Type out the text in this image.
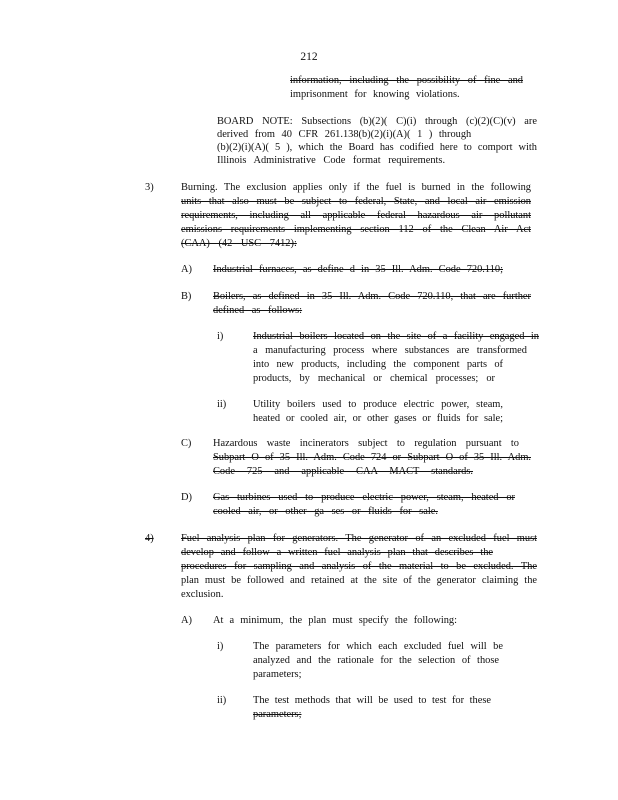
212
information, including the possibility of fine and
imprisonment for knowing violations.
BOARD NOTE: Subsections (b)(2)( C)(i) through (c)(2)(C)(v) are
derived from 40 CFR 261.138(b)(2)(i)(A)( 1 ) through
(b)(2)(i)(A)( 5 ), which the Board has codified here to comport with
Illinois Administrative Code format requirements.
3)	Burning. The exclusion applies only if the fuel is burned in the following
units that also must be subject to federal, State, and local air emission
requirements, including all applicable federal hazardous air pollutant
emissions requirements implementing section 112 of the Clean Air Act
(CAA) (42 USC 7412):
A) Industrial furnaces, as define d in 35 Ill. Adm. Code 720.110;
B) Boilers, as defined in 35 Ill. Adm. Code 720.110, that are further
defined as follows:
i)	Industrial boilers located on the site of a facility engaged in
a manufacturing process where substances are transformed
into new products, including the component parts of
products, by mechanical or chemical processes; or
ii)	Utility boilers used to produce electric power, steam,
heated or cooled air, or other gases or fluids for sale;
C) Hazardous waste incinerators subject to regulation pursuant to
Subpart O of 35 Ill. Adm. Code 724 or Subpart O of 35 Ill. Adm.
Code 725 and applicable CAA MACT standards.
D) Gas turbines used to produce electric power, steam, heated or
cooled air, or other ga ses or fluids for sale.
4)	Fuel analysis plan for generators. The generator of an excluded fuel must
develop and follow a written fuel analysis plan that describes the
procedures for sampling and analysis of the material to be excluded. The
plan must be followed and retained at the site of the generator claiming the
exclusion.
A) At a minimum, the plan must specify the following:
i)	The parameters for which each excluded fuel will be
analyzed and the rationale for the selection of those
parameters;
ii)	The test methods that will be used to test for these
parameters;
